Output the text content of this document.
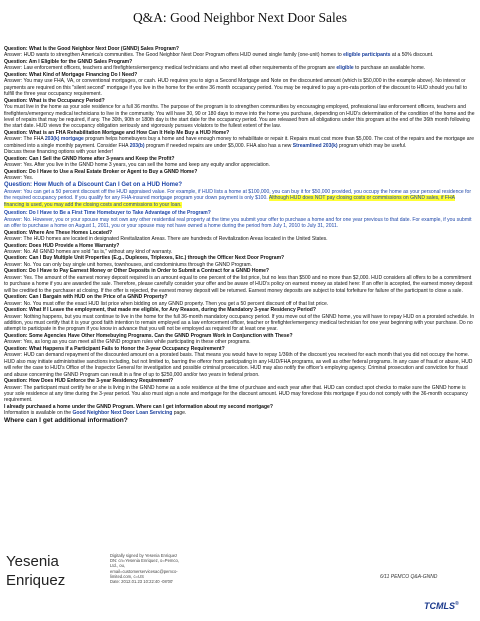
Q&A: Good Neighbor Next Door Sales

Question: What Is the Good Neighbor Next Door (GNND) Sales Program?

Answer: HUD wants to strengthen America's communities. The Good Neighbor Next Door Program offers HUD owned single family (one-unit) homes to eligible participants at a 50% discount.

Question: Am I Eligible for the GNND Sales Program?

Answer: Law enforcement officers, teachers and firefighters/emergency medical technicians and who meet all other requirements of the program are eligible to purchase an available home.

Question: What Kind of Mortgage Financing Do I Need?

Answer: You may use FHA, VA, or conventional mortgages, or cash. HUD requires you to sign a Second Mortgage and Note on the discounted amount (which is $50,000 in the example above). No interest or payments are required on this "silent second" mortgage if you live in the home for the entire 36 month occupancy period. You may be required to pay a pro-rata portion of the discount to HUD should you fail to fulfill the three year occupancy requirement.

Question: What is the Occupancy Period?

You must live in the home as your sole residence for a full 36 months. The purpose of the program is to strengthen communities by encouraging employed, professional law enforcement officers, teachers and firefighters/emergency medical technicians to live in the community. You will have 30, 90 or 180 days to move into the home you purchase, depending on HUD's determination of the condition of the home and the level of repairs that may be required, if any. The 30th, 90th or 180th day is the start date for the occupancy period. You are released from all obligations under this program at the end of the 36th month following the start date. HUD views the occupancy obligation seriously and vigorously pursues violators to the fullest extent of the law.

Question: What is an FHA Rehabilitation Mortgage and How Can It Help Me Buy a HUD Home?

Answer: The FHA 203(k) mortgage program helps homebuyers buy a home and have enough money to rehabilitate or repair it. Repairs must cost more than $5,000. The cost of the repairs and the mortgage are combined into a single monthly payment. Consider FHA 203(b) program if needed repairs are under $5,000. FHA also has a new Streamlined 203(k) program which may be useful.

Discuss these financing options with your lender!

Question: Can I Sell the GNND Home after 3-years and Keep the Profit?

Answer: Yes. After you live in the GNND home 3 years, you can sell the home and keep any equity and/or appreciation.

Question: Do I Have to Use a Real Estate Broker or Agent to Buy a GNND Home?

Answer: Yes.

Question: How Much of a Discount Can I Get on a HUD Home?

Answer: You can get a 50 percent discount off the HUD appraised value. For example, if HUD lists a home at $100,000, you can buy it for $50,000 provided, you occupy the home as your personal residence for the required occupancy period. If you qualify for any FHA-insured mortgage program your down payment is only $100. Although HUD does NOT pay closing costs or commissions on GNND sales, if FHA financing is used, you may add the closing costs and commissions to your loan.

Question: Do I Have to Be a First Time Homebuyer to Take Advantage of the Program?

Answer: No. However, you or your spouse may not own any other residential real property at the time you submit your offer to purchase a home and for one year previous to that date. For example, if you submit an offer to purchase a home on August 1, 2011, you or your spouse may not have owned a home during the period from July 1, 2010 to July 31, 2011.

Question: Where Are These Homes Located?

Answer: The HUD homes are located in designated Revitalization Areas. There are hundreds of Revitalization Areas located in the United States.

Question: Does HUD Provide a Home Warranty?

Answer: No. All GNND homes are sold "as is," without any kind of warranty.

Question: Can I Buy Multiple Unit Properties (E.g., Duplexes, Triplexes, Etc.) through the Officer Next Door Program?

Answer: No. You can only buy single unit homes, townhouses, and condominiums through the GNND Program.

Question: Do I Have to Pay Earnest Money or Other Deposits in Order to Submit a Contract for a GNND Home?

Answer: Yes. The amount of the earnest money deposit required is an amount equal to one percent of the list price, but no less than $500 and no more than $2,000. HUD considers all offers to be a commitment to purchase a home if you are awarded the sale. Therefore, please carefully consider your offer and be aware of HUD's policy on earnest money as stated here: If an offer is accepted, the earnest money deposit will be credited to the purchaser at closing. If the offer is rejected, the earnest money deposit will be returned. Earnest money deposits are subject to total forfeiture for failure of the participant to close a sale.

Question: Can I Bargain with HUD on the Price of a GNND Property?

Answer: No. You must offer the exact HUD list price when bidding on any GNND property. Then you get a 50 percent discount off of that list price.

Question: What If I Leave the employment, that made me eligible, for Any Reason, during the Mandatory 3-year Residency Period?

Answer: Nothing happens, but you must continue to live in the home for the full 36-month mandatory occupancy period. If you move out of the GNND home, you will have to repay HUD on a prorated schedule. In addition, you must certify that it is your good faith intention to remain employed as a law enforcement officer, teacher or firefighter/emergency medical technician for one year beginning with your purchase. Do no attempt to participate in the program if you know in advance that you will not be employed as required for at least one year.

Question: Some Agencies Have Other Homebuying Programs. Can the GNND Program Work in Conjunction with These?

Answer: Yes, as long as you can meet all the GNND program rules while participating in these other programs.

Question: What Happens if a Participant Fails to Honor the 3-year Occupancy Requirement?

Answer: HUD can demand repayment of the discounted amount on a prorated basis. That means you would have to repay 1/36th of the discount you received for each month that you did not occupy the home. HUD also may initiate administrative sanctions including, but not limited to, barring the offeror from participating in any HUD/FHA programs, as well as other federal programs. In any case of fraud or abuse, HUD will refer the case to HUD's Office of the Inspector General for investigation and possible criminal prosecution. HUD may also notify the officer's employing agency. Criminal prosecution and conviction for fraud and abuse concerning the GNND Program can result in a fine of up to $250,000 and/or two years in federal prison.

Question: How Does HUD Enforce the 3-year Residency Requirement?

Answer: The participant must certify he or she is living in the GNND home as a sole residence at the time of purchase and each year after that. HUD can conduct spot checks to make sure the GNND home is your sole residence at any time during the 3-year period. You also must sign a note and mortgage for the discount amount. HUD may foreclose this mortgage if you do not comply with the 36-month occupancy requirement.

I already purchased a home under the GNND Program. Where can I get information about my second mortgage?

Information is available on the Good Neighbor Next Door Loan Servicing page.

Where can I get additional information?

Yesenia
Enriquez
Digitally signed by Yesenia Enriquez
DN: cn=Yesenia Enriquez, o=Pemco,
Ltd., ou,
email=customerservicesac@pemco-
limited.com, c=US
Date: 2012.01.23 10:22:40 -08'00'
6/11 PEMCO Q&A-GNND
TCMLS®
